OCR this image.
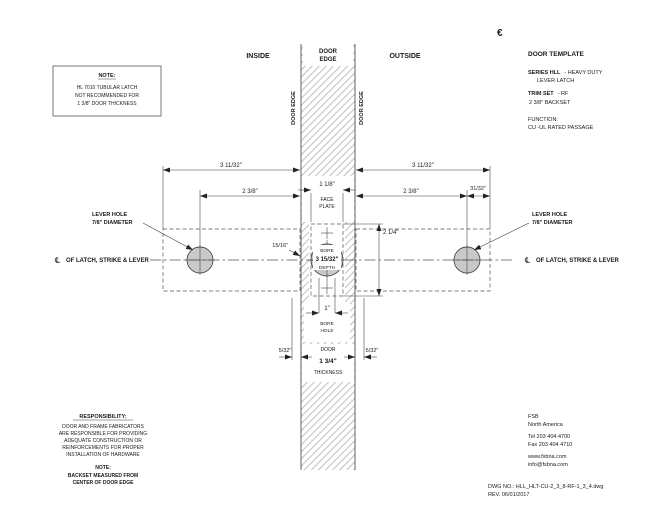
INSIDE
DOOR
EDGE	OUTSIDE
DOOR EDGE	DOOR EDGE
€
NOTE:
HL 7010 TUBULAR LATCH
NOT RECOMMENDED FOR
1 3/8" DOOR THICKNESS
DOOR TEMPLATE
SERIES HLL - HEAVY DUTY
LEVER LATCH
TRIM SET - RF
2 3/8" BACKSET
FUNCTION:
CU -UL RATED PASSAGE
3 11/32"
2 3/8"
3 11/32"
2 3/8"	31/32"
1 1/8"
FACE
PLATE
2 1/4"
15/16"
BORE
3 15/32"
DEPTH
1"
BORE
HOLE
5/32"	5/32"
DOOR
1 3/4"
THICKNESS
LEVER HOLE
7/8" DIAMETER
LEVER HOLE
7/8" DIAMETER
℄ OF LATCH, STRIKE & LEVER	℄ OF LATCH, STRIKE & LEVER
RESPONSIBILITY:
DOOR AND FRAME FABRICATORS
ARE RESPONSIBLE FOR PROVIDING
ADEQUATE CONSTRUCTION OR
REINFORCEMENTS FOR PROPER
INSTALLATION OF HARDWARE
NOTE:
BACKSET MEASURED FROM
CENTER OF DOOR EDGE
FSB
North America
Tel 203 404 4700
Fax 203 404 4710
www.fsbna.com
info@fsbna.com
DWG NO.: HLL_HLT-CU-2_3_8-RF-1_3_4.dwg
REV. 06/01/2017
